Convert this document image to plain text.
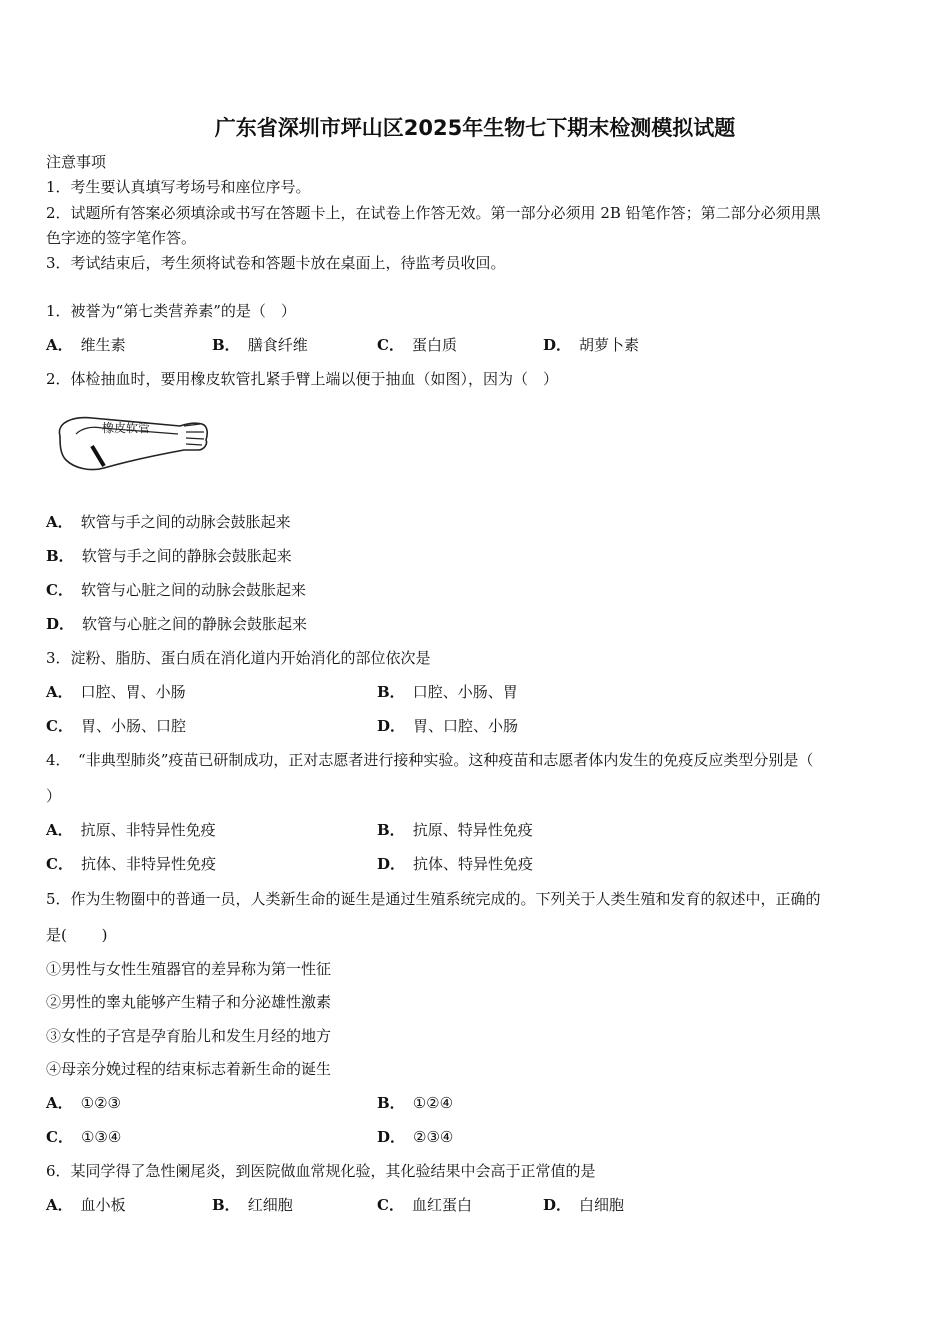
广东省深圳市坪山区2025年生物七下期末检测模拟试题
注意事项
1．考生要认真填写考场号和座位序号。
2．试题所有答案必须填涂或书写在答题卡上，在试卷上作答无效。第一部分必须用 2B 铅笔作答；第二部分必须用黑
色字迹的签字笔作答。
3．考试结束后，考生须将试卷和答题卡放在桌面上，待监考员收回。
1．被誉为“第七类营养素”的是（　）
A． 维生素	B． 膳食纤维	C． 蛋白质	D． 胡萝卜素
2．体检抽血时，要用橡皮软管扎紧手臂上端以便于抽血（如图），因为（　）
橡皮软管
A． 软管与手之间的动脉会鼓胀起来
B． 软管与手之间的静脉会鼓胀起来
C． 软管与心脏之间的动脉会鼓胀起来
D． 软管与心脏之间的静脉会鼓胀起来
3．淀粉、脂肪、蛋白质在消化道内开始消化的部位依次是
A． 口腔、胃、小肠	B． 口腔、小肠、胃
C． 胃、小肠、口腔	D． 胃、口腔、小肠
4．　“非典型肺炎”疫苗已研制成功，正对志愿者进行接种实验。这种疫苗和志愿者体内发生的免疫反应类型分别是（
）
A． 抗原、非特异性免疫	B． 抗原、特异性免疫
C． 抗体、非特异性免疫	D． 抗体、特异性免疫
5．作为生物圈中的普通一员，人类新生命的诞生是通过生殖系统完成的。下列关于人类生殖和发育的叙述中，正确的
是(　　 )
①男性与女性生殖器官的差异称为第一性征
②男性的睾丸能够产生精子和分泌雄性激素
③女性的子宫是孕育胎儿和发生月经的地方
④母亲分娩过程的结束标志着新生命的诞生
A． ①②③	B． ①②④
C． ①③④	D． ②③④
6．某同学得了急性阑尾炎，到医院做血常规化验，其化验结果中会高于正常值的是
A． 血小板	B． 红细胞	C． 血红蛋白	D． 白细胞
